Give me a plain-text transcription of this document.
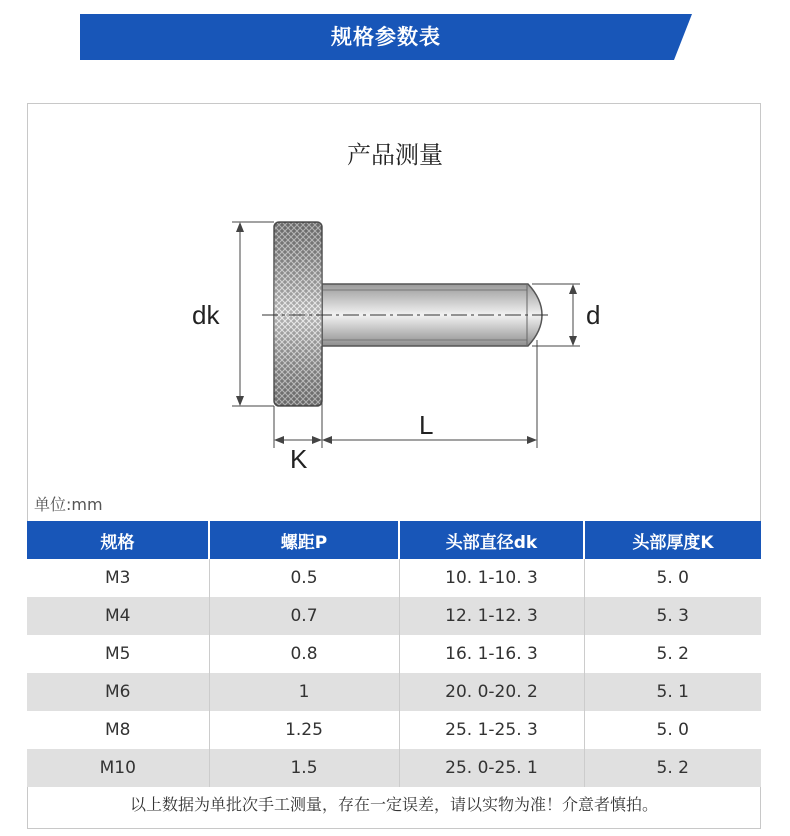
规格参数表
产品测量
dk	d
L
K
单位:mm
规格	螺距P	头部直径dk	头部厚度K
M3	0.5	10. 1-10. 3	5. 0
M4	0.7	12. 1-12. 3	5. 3
M5	0.8	16. 1-16. 3	5. 2
M6	1	20. 0-20. 2	5. 1
M8	1.25	25. 1-25. 3	5. 0
M10	1.5	25. 0-25. 1	5. 2
以上数据为单批次手工测量，存在一定误差，请以实物为准！介意者慎拍。
